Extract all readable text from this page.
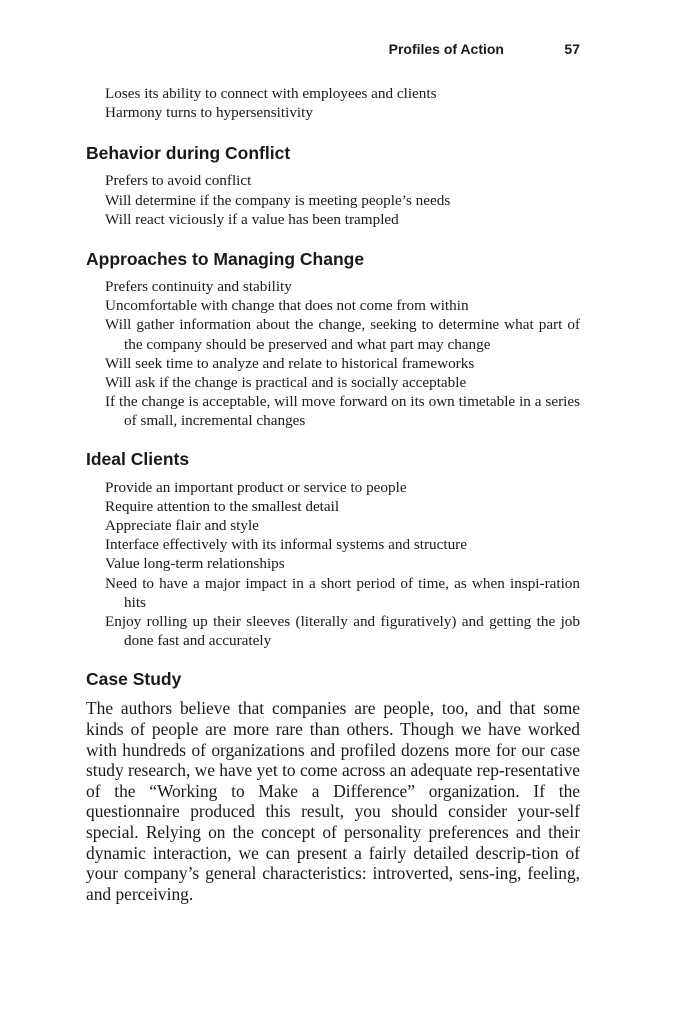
Profiles of Action	57
Loses its ability to connect with employees and clients
Harmony turns to hypersensitivity
Behavior during Conflict
Prefers to avoid conflict
Will determine if the company is meeting people’s needs
Will react viciously if a value has been trampled
Approaches to Managing Change
Prefers continuity and stability
Uncomfortable with change that does not come from within
Will gather information about the change, seeking to determine what part of the company should be preserved and what part may change
Will seek time to analyze and relate to historical frameworks
Will ask if the change is practical and is socially acceptable
If the change is acceptable, will move forward on its own timetable in a series of small, incremental changes
Ideal Clients
Provide an important product or service to people
Require attention to the smallest detail
Appreciate flair and style
Interface effectively with its informal systems and structure
Value long-term relationships
Need to have a major impact in a short period of time, as when inspi-ration hits
Enjoy rolling up their sleeves (literally and figuratively) and getting the job done fast and accurately
Case Study

The authors believe that companies are people, too, and that some kinds of people are more rare than others. Though we have worked with hundreds of organizations and profiled dozens more for our case study research, we have yet to come across an adequate rep-resentative of the “Working to Make a Difference” organization. If the questionnaire produced this result, you should consider your-self special. Relying on the concept of personality preferences and their dynamic interaction, we can present a fairly detailed descrip-tion of your company’s general characteristics: introverted, sens-ing, feeling, and perceiving.
